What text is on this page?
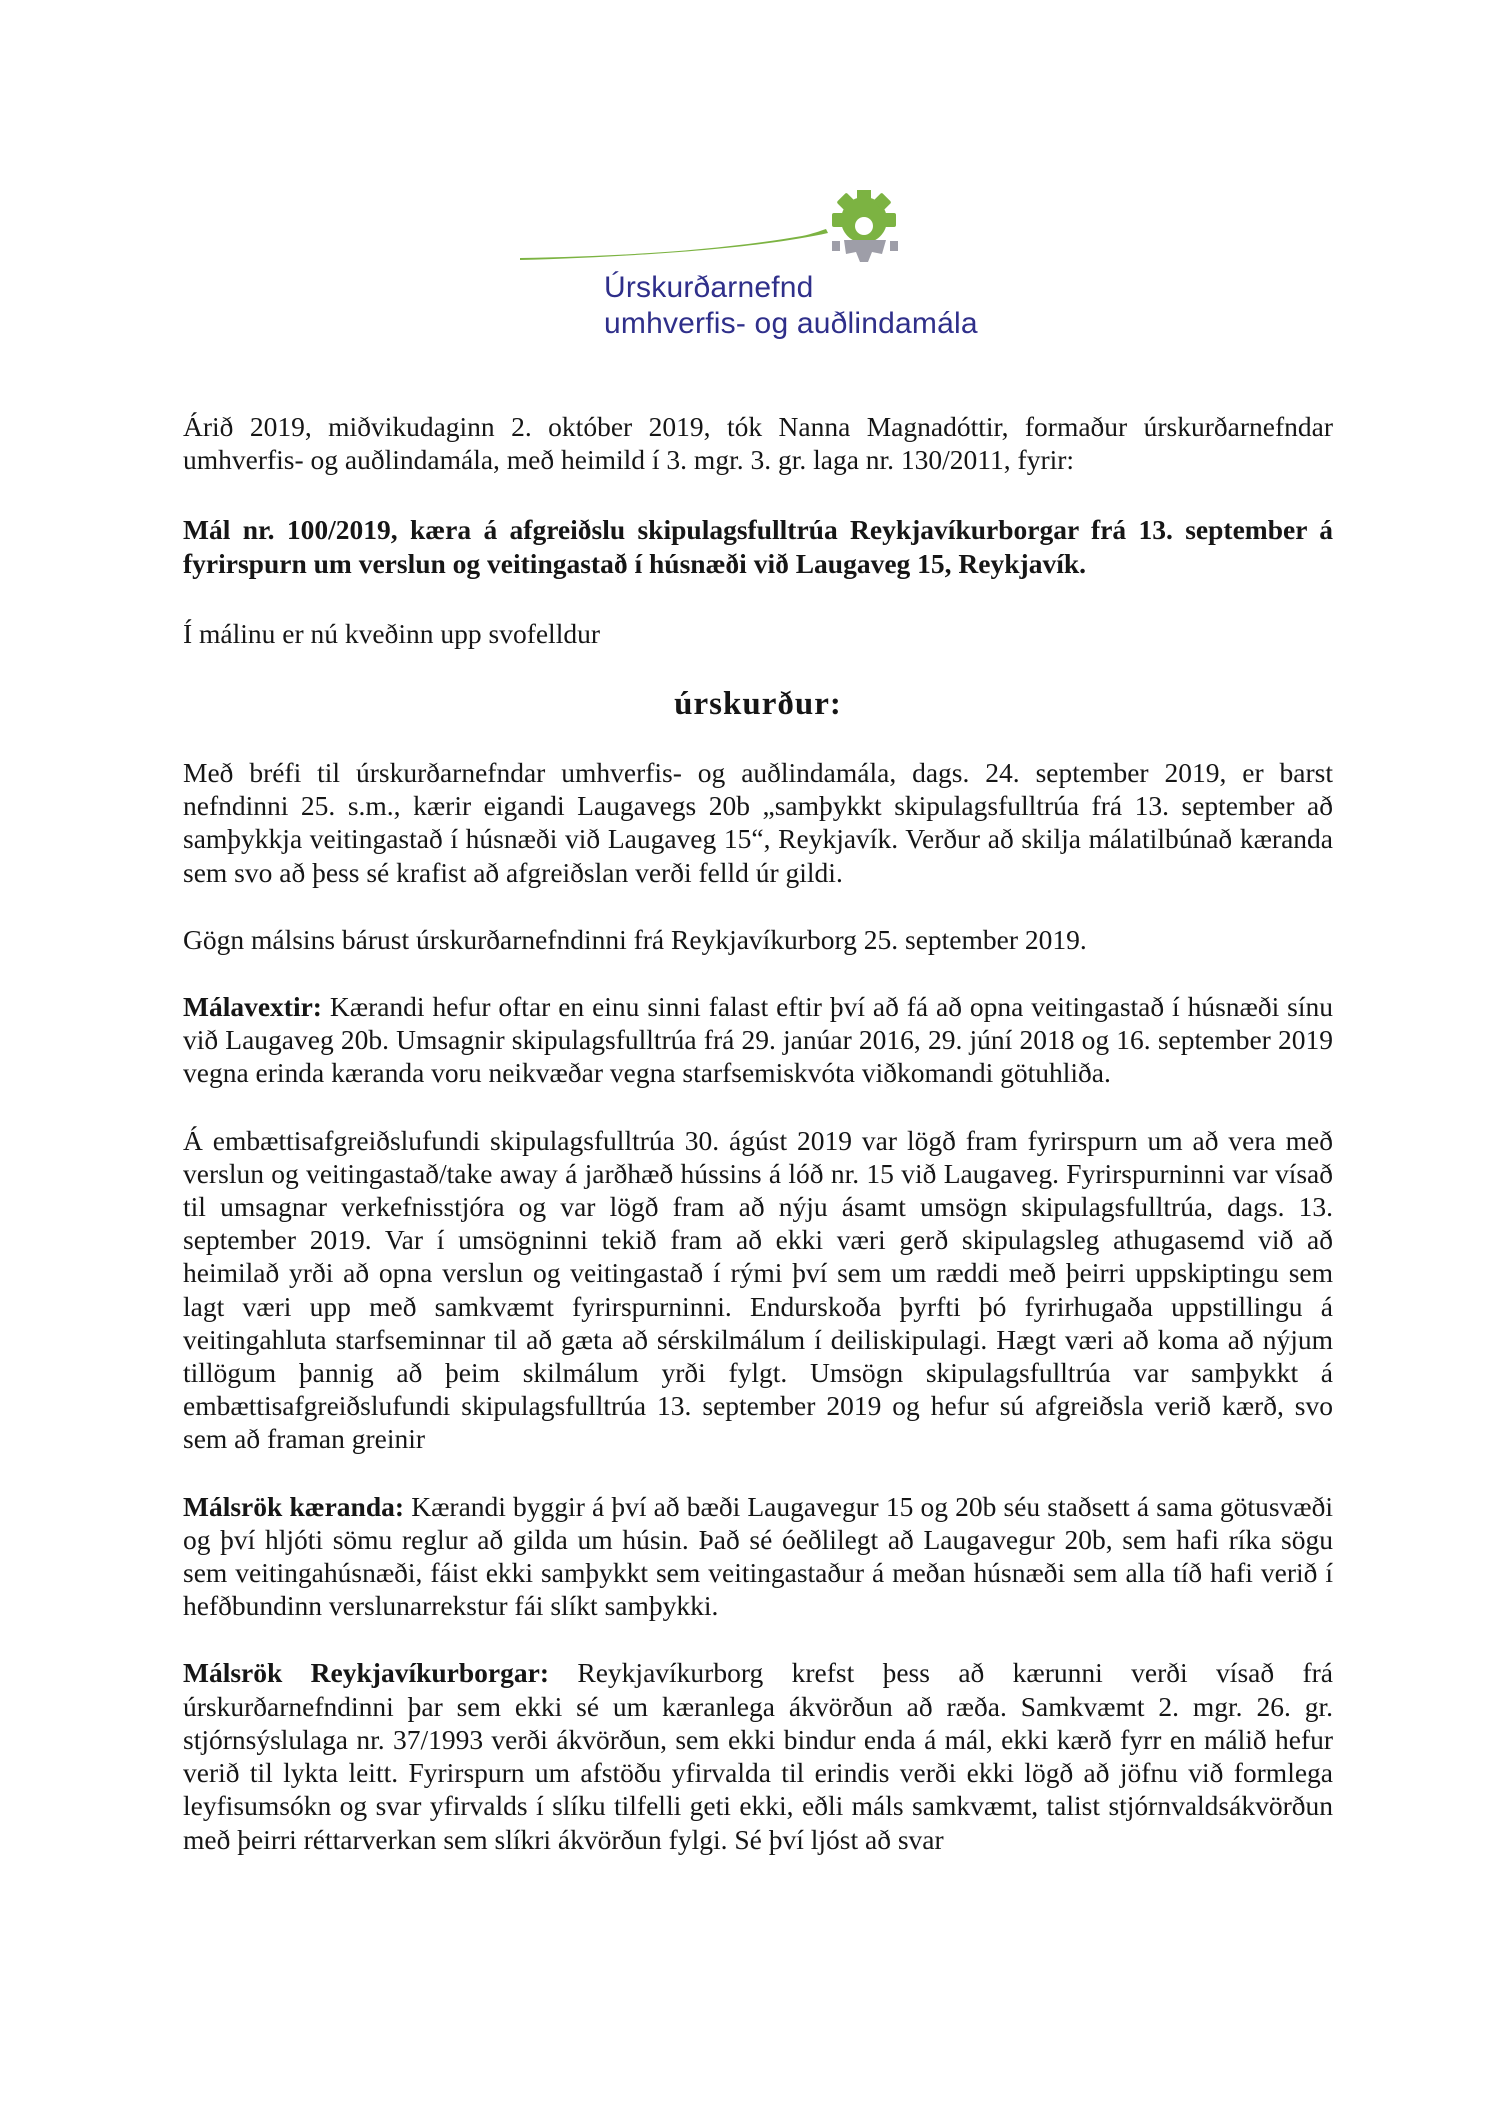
Úrskurðarnefnd
umhverfis- og auðlindamála

Árið 2019, miðvikudaginn 2. október 2019, tók Nanna Magnadóttir, formaður úrskurðarnefndar umhverfis- og auðlindamála, með heimild í 3. mgr. 3. gr. laga nr. 130/2011, fyrir:

Mál nr. 100/2019, kæra á afgreiðslu skipulagsfulltrúa Reykjavíkurborgar frá 13. september á fyrirspurn um verslun og veitingastað í húsnæði við Laugaveg 15, Reykjavík.

Í málinu er nú kveðinn upp svofelldur

úrskurður:

Með bréfi til úrskurðarnefndar umhverfis- og auðlindamála, dags. 24. september 2019, er barst nefndinni 25. s.m., kærir eigandi Laugavegs 20b „samþykkt skipulagsfulltrúa frá 13. september að samþykkja veitingastað í húsnæði við Laugaveg 15“, Reykjavík. Verður að skilja málatilbúnað kæranda sem svo að þess sé krafist að afgreiðslan verði felld úr gildi.

Gögn málsins bárust úrskurðarnefndinni frá Reykjavíkurborg 25. september 2019.

Málavextir: Kærandi hefur oftar en einu sinni falast eftir því að fá að opna veitingastað í húsnæði sínu við Laugaveg 20b. Umsagnir skipulagsfulltrúa frá 29. janúar 2016, 29. júní 2018 og 16. september 2019 vegna erinda kæranda voru neikvæðar vegna starfsemiskvóta viðkomandi götuhliða.

Á embættisafgreiðslufundi skipulagsfulltrúa 30. ágúst 2019 var lögð fram fyrirspurn um að vera með verslun og veitingastað/take away á jarðhæð hússins á lóð nr. 15 við Laugaveg. Fyrirspurninni var vísað til umsagnar verkefnisstjóra og var lögð fram að nýju ásamt umsögn skipulagsfulltrúa, dags. 13. september 2019. Var í umsögninni tekið fram að ekki væri gerð skipulagsleg athugasemd við að heimilað yrði að opna verslun og veitingastað í rými því sem um ræddi með þeirri uppskiptingu sem lagt væri upp með samkvæmt fyrirspurninni. Endurskoða þyrfti þó fyrirhugaða uppstillingu á veitingahluta starfseminnar til að gæta að sérskilmálum í deiliskipulagi. Hægt væri að koma að nýjum tillögum þannig að þeim skilmálum yrði fylgt. Umsögn skipulagsfulltrúa var samþykkt á embættisafgreiðslufundi skipulagsfulltrúa 13. september 2019 og hefur sú afgreiðsla verið kærð, svo sem að framan greinir

Málsrök kæranda: Kærandi byggir á því að bæði Laugavegur 15 og 20b séu staðsett á sama götusvæði og því hljóti sömu reglur að gilda um húsin. Það sé óeðlilegt að Laugavegur 20b, sem hafi ríka sögu sem veitingahúsnæði, fáist ekki samþykkt sem veitingastaður á meðan húsnæði sem alla tíð hafi verið í hefðbundinn verslunarrekstur fái slíkt samþykki.

Málsrök Reykjavíkurborgar: Reykjavíkurborg krefst þess að kærunni verði vísað frá úrskurðarnefndinni þar sem ekki sé um kæranlega ákvörðun að ræða. Samkvæmt 2. mgr. 26. gr. stjórnsýslulaga nr. 37/1993 verði ákvörðun, sem ekki bindur enda á mál, ekki kærð fyrr en málið hefur verið til lykta leitt. Fyrirspurn um afstöðu yfirvalda til erindis verði ekki lögð að jöfnu við formlega leyfisumsókn og svar yfirvalds í slíku tilfelli geti ekki, eðli máls samkvæmt, talist stjórnvaldsákvörðun með þeirri réttarverkan sem slíkri ákvörðun fylgi. Sé því ljóst að svar
